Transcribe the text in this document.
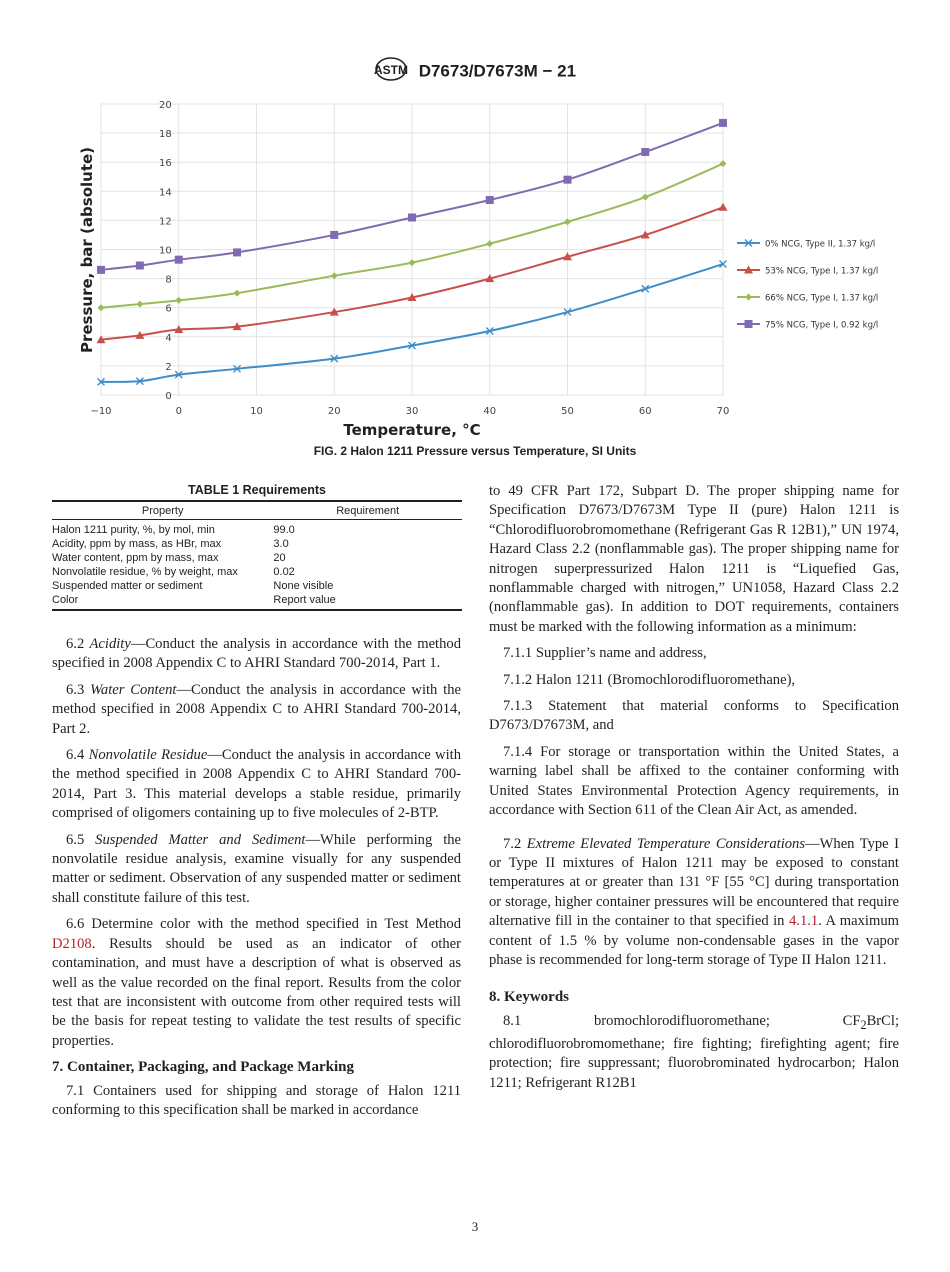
ASTM D7673/D7673M − 21
0
2
4
6
8
10
12
14
16
18
20
−10	0	10	20	30	40	50	60	70
Temperature, °C
Pressure, bar (absolute)	0% NCG, Type II, 1.37 kg/l
53% NCG, Type I, 1.37 kg/l
66% NCG, Type I, 1.37 kg/l
75% NCG, Type I, 0.92 kg/l
FIG. 2 Halon 1211 Pressure versus Temperature, SI Units
TABLE 1 Requirements
Property	Requirement
Halon 1211 purity, %, by mol, min	99.0
Acidity, ppm by mass, as HBr, max	3.0
Water content, ppm by mass, max	20
Nonvolatile residue, % by weight, max	0.02
Suspended matter or sediment	None visible
Color	Report value

6.2 Acidity—Conduct the analysis in accordance with the method specified in 2008 Appendix C to AHRI Standard 700-2014, Part 1.

6.3 Water Content—Conduct the analysis in accordance with the method specified in 2008 Appendix C to AHRI Standard 700-2014, Part 2.

6.4 Nonvolatile Residue—Conduct the analysis in accordance with the method specified in 2008 Appendix C to AHRI Standard 700-2014, Part 3. This material develops a stable residue, primarily comprised of oligomers containing up to five molecules of 2-BTP.

6.5 Suspended Matter and Sediment—While performing the nonvolatile residue analysis, examine visually for any suspended matter or sediment. Observation of any suspended matter or sediment shall constitute failure of this test.

6.6 Determine color with the method specified in Test Method D2108. Results should be used as an indicator of other contamination, and must have a description of what is observed as well as the value recorded on the final report. Results from the color test that are inconsistent with outcome from other required tests will be the basis for repeat testing to validate the test results of specific properties.

7. Container, Packaging, and Package Marking

7.1 Containers used for shipping and storage of Halon 1211 conforming to this specification shall be marked in accordance

to 49 CFR Part 172, Subpart D. The proper shipping name for Specification D7673/D7673M Type II (pure) Halon 1211 is “Chlorodifluorobromomethane (Refrigerant Gas R 12B1),” UN 1974, Hazard Class 2.2 (nonflammable gas). The proper shipping name for nitrogen superpressurized Halon 1211 is “Liquefied Gas, nonflammable charged with nitrogen,” UN1058, Hazard Class 2.2 (nonflammable gas). In addition to DOT requirements, containers must be marked with the following information as a minimum:

7.1.1 Supplier’s name and address,

7.1.2 Halon 1211 (Bromochlorodifluoromethane),

7.1.3 Statement that material conforms to Specification D7673/D7673M, and

7.1.4 For storage or transportation within the United States, a warning label shall be affixed to the container conforming with United States Environmental Protection Agency requirements, in accordance with Section 611 of the Clean Air Act, as amended.

7.2 Extreme Elevated Temperature Considerations—When Type I or Type II mixtures of Halon 1211 may be exposed to constant temperatures at or greater than 131 °F [55 °C] during transportation or storage, higher container pressures will be encountered that require alternative fill in the container to that specified in 4.1.1. A maximum content of 1.5 % by volume non-condensable gases in the vapor phase is recommended for long-term storage of Type II Halon 1211.

8. Keywords

8.1 bromochlorodifluoromethane; $CF_2BrCl$; chlorodifluorobromomethane; fire fighting; firefighting agent; fire protection; fire suppressant; fluorobrominated hydrocarbon; Halon 1211; Refrigerant R12B1

3
